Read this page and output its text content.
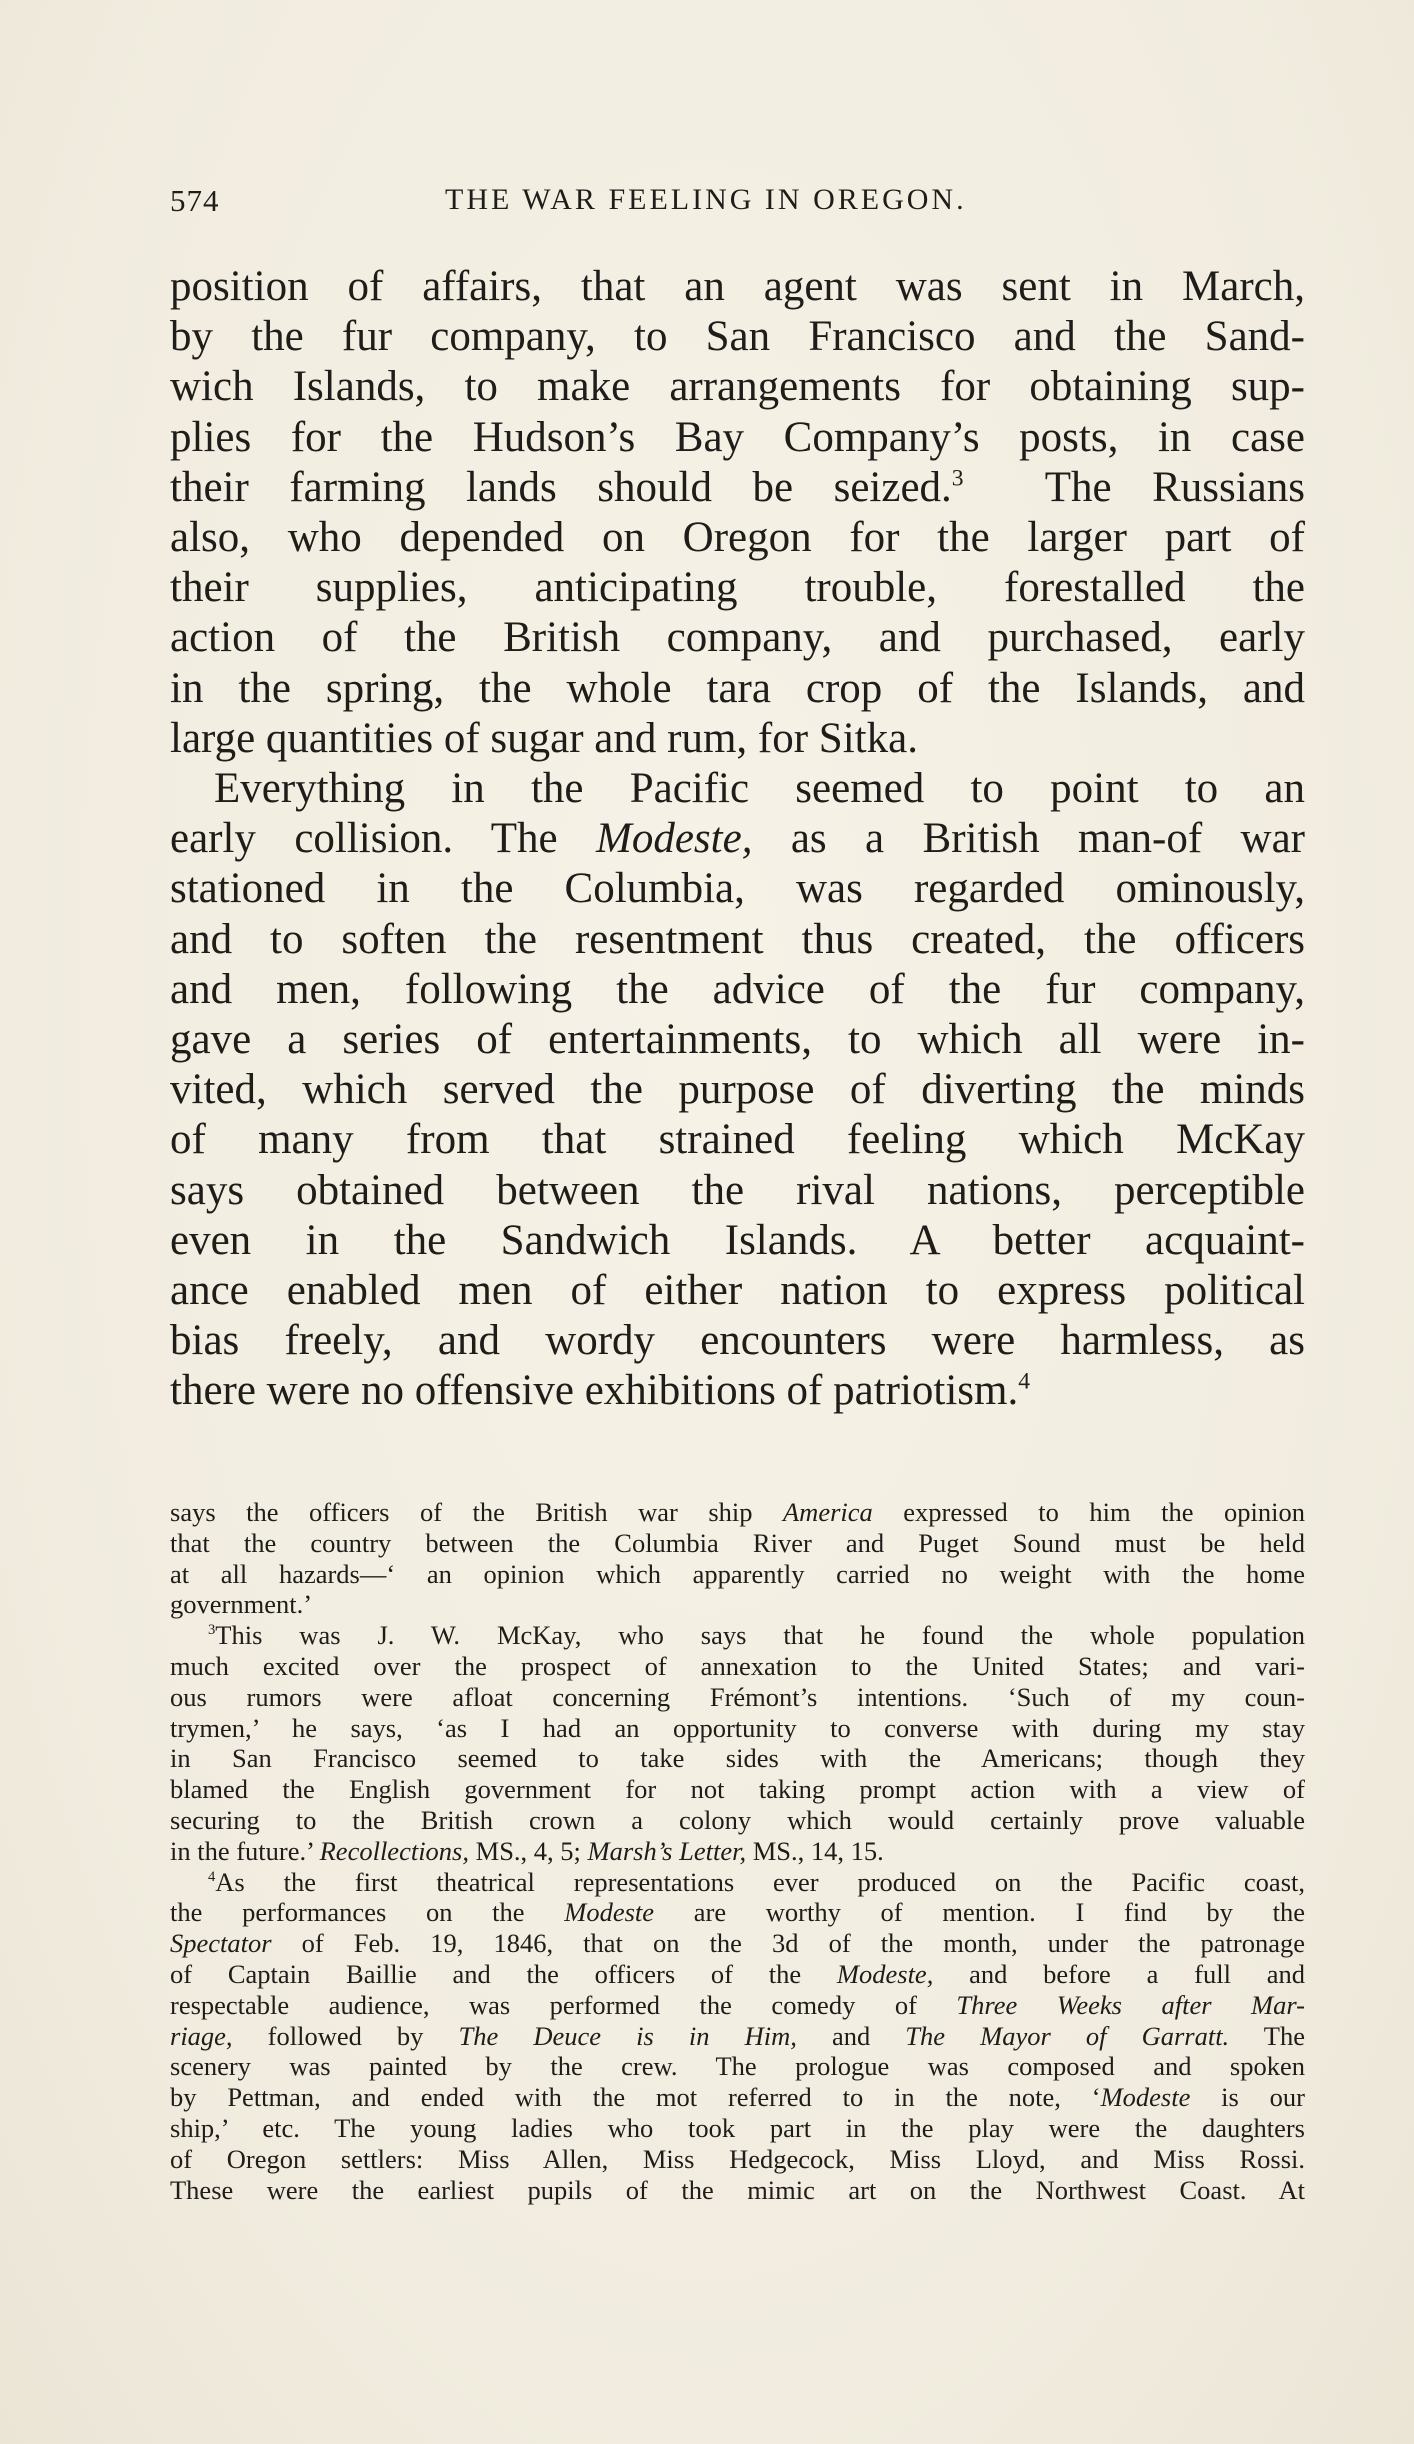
574	THE WAR FEELING IN OREGON.

position of affairs, that an agent was sent in March,
by the fur company, to San Francisco and the Sand-
wich Islands, to make arrangements for obtaining sup-
plies for the Hudson’s Bay Company’s posts, in case
their farming lands should be seized.$^3$ The Russians
also, who depended on Oregon for the larger part of
their supplies, anticipating trouble, forestalled the
action of the British company, and purchased, early
in the spring, the whole tara crop of the Islands, and
large quantities of sugar and rum, for Sitka.

Everything in the Pacific seemed to point to an
early collision. The Modeste, as a British man-of war
stationed in the Columbia, was regarded ominously,
and to soften the resentment thus created, the officers
and men, following the advice of the fur company,
gave a series of entertainments, to which all were in-
vited, which served the purpose of diverting the minds
of many from that strained feeling which McKay
says obtained between the rival nations, perceptible
even in the Sandwich Islands. A better acquaint-
ance enabled men of either nation to express political
bias freely, and wordy encounters were harmless, as
there were no offensive exhibitions of patriotism.$^4$

says the officers of the British war ship America expressed to him the opinion
that the country between the Columbia River and Puget Sound must be held
at all hazards—‘ an opinion which apparently carried no weight with the home
government.’
$^3$This was J. W. McKay, who says that he found the whole population
much excited over the prospect of annexation to the United States; and vari-
ous rumors were afloat concerning Frémont’s intentions. ‘Such of my coun-
trymen,’ he says, ‘as I had an opportunity to converse with during my stay
in San Francisco seemed to take sides with the Americans; though they
blamed the English government for not taking prompt action with a view of
securing to the British crown a colony which would certainly prove valuable
in the future.’ Recollections, MS., 4, 5; Marsh’s Letter, MS., 14, 15.
$^4$As the first theatrical representations ever produced on the Pacific coast,
the performances on the Modeste are worthy of mention. I find by the
Spectator of Feb. 19, 1846, that on the 3d of the month, under the patronage
of Captain Baillie and the officers of the Modeste, and before a full and
respectable audience, was performed the comedy of Three Weeks after Mar-
riage, followed by The Deuce is in Him, and The Mayor of Garratt. The
scenery was painted by the crew. The prologue was composed and spoken
by Pettman, and ended with the mot referred to in the note, ‘Modeste is our
ship,’ etc. The young ladies who took part in the play were the daughters
of Oregon settlers: Miss Allen, Miss Hedgecock, Miss Lloyd, and Miss Rossi.
These were the earliest pupils of the mimic art on the Northwest Coast. At
